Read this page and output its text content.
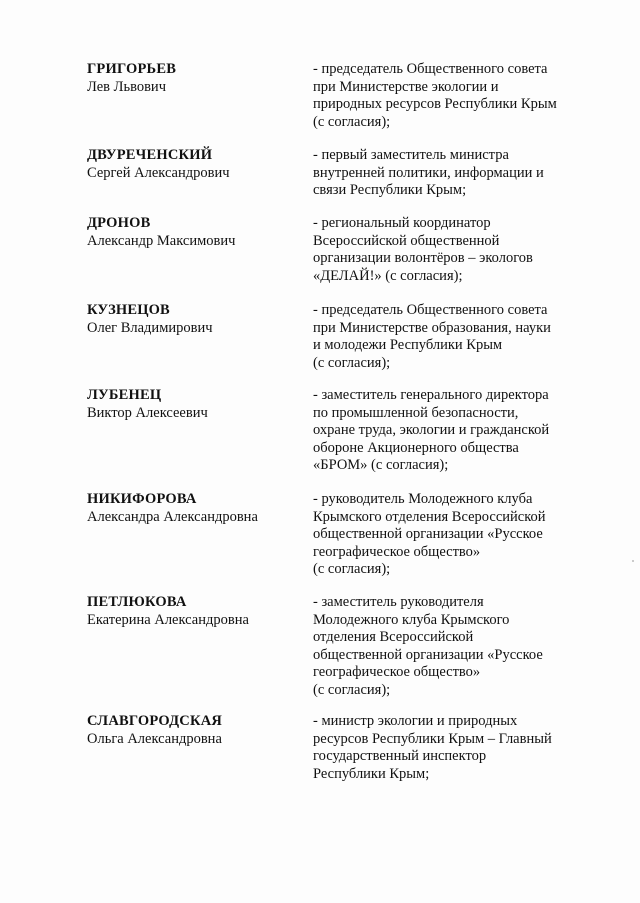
ГРИГОРЬЕВ
Лев Львович
- председатель Общественного совета
при Министерстве экологии и
природных ресурсов Республики Крым
(с согласия);
ДВУРЕЧЕНСКИЙ
Сергей Александрович
- первый заместитель министра
внутренней политики, информации и
связи Республики Крым;
ДРОНОВ
Александр Максимович
- региональный координатор
Всероссийской общественной
организации волонтёров – экологов
«ДЕЛАЙ!» (с согласия);
КУЗНЕЦОВ
Олег Владимирович
- председатель Общественного совета
при Министерстве образования, науки
и молодежи Республики Крым
(с согласия);
ЛУБЕНЕЦ
Виктор Алексеевич
- заместитель генерального директора
по промышленной безопасности,
охране труда, экологии и гражданской
обороне Акционерного общества
«БРОМ» (с согласия);
НИКИФОРОВА
Александра Александровна
- руководитель Молодежного клуба
Крымского отделения Всероссийской
общественной организации «Русское
географическое общество»
(с согласия);
ПЕТЛЮКОВА
Екатерина Александровна
- заместитель руководителя
Молодежного клуба Крымского
отделения Всероссийской
общественной организации «Русское
географическое общество»
(с согласия);
СЛАВГОРОДСКАЯ
Ольга Александровна
- министр экологии и природных
ресурсов Республики Крым – Главный
государственный инспектор
Республики Крым;
